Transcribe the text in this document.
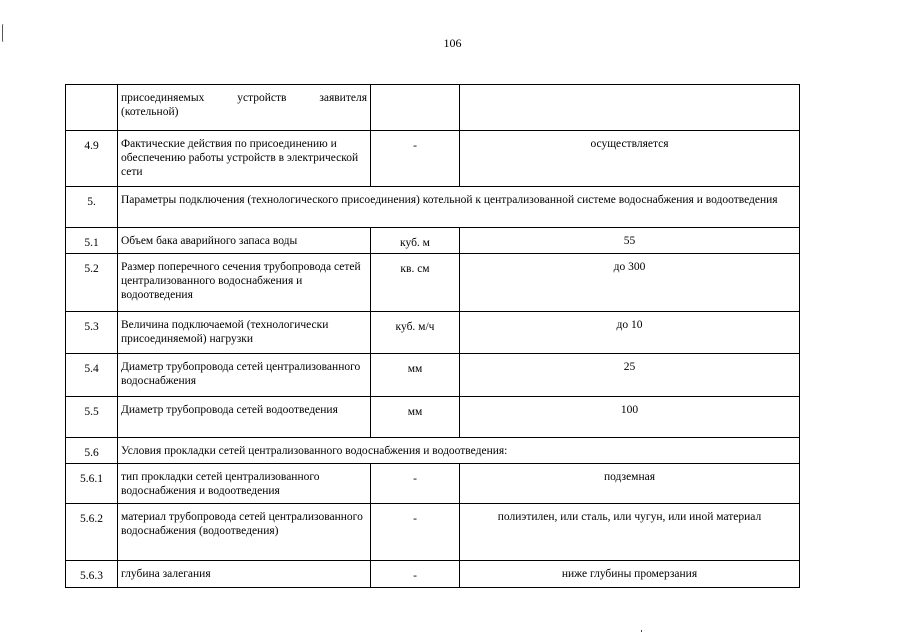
106

	присоединяемых устройств заявителя
(котельной)		

4.9	Фактические действия по присоединению и обеспечению работы устройств в электрической сети	-	осуществляется
5.	Параметры подключения (технологического присоединения) котельной к централизованной системе водоснабжения и водоотведения		
5.1	Объем бака аварийного запаса воды	куб. м	55
5.2	Размер поперечного сечения трубопровода сетей централизованного водоснабжения и водоотведения	кв. см	до 300
5.3	Величина подключаемой (технологически присоединяемой) нагрузки	куб. м/ч	до 10
5.4	Диаметр трубопровода сетей централизованного водоснабжения	мм	25
5.5	Диаметр трубопровода сетей водоотведения	мм	100
5.6	Условия прокладки сетей централизованного водоснабжения и водоотведения:		
5.6.1	тип прокладки сетей централизованного водоснабжения и водоотведения	-	подземная
5.6.2	материал трубопровода сетей централизованного водоснабжения (водоотведения)	-	полиэтилен, или сталь, или чугун, или иной материал
5.6.3	глубина залегания	-	ниже глубины промерзания
